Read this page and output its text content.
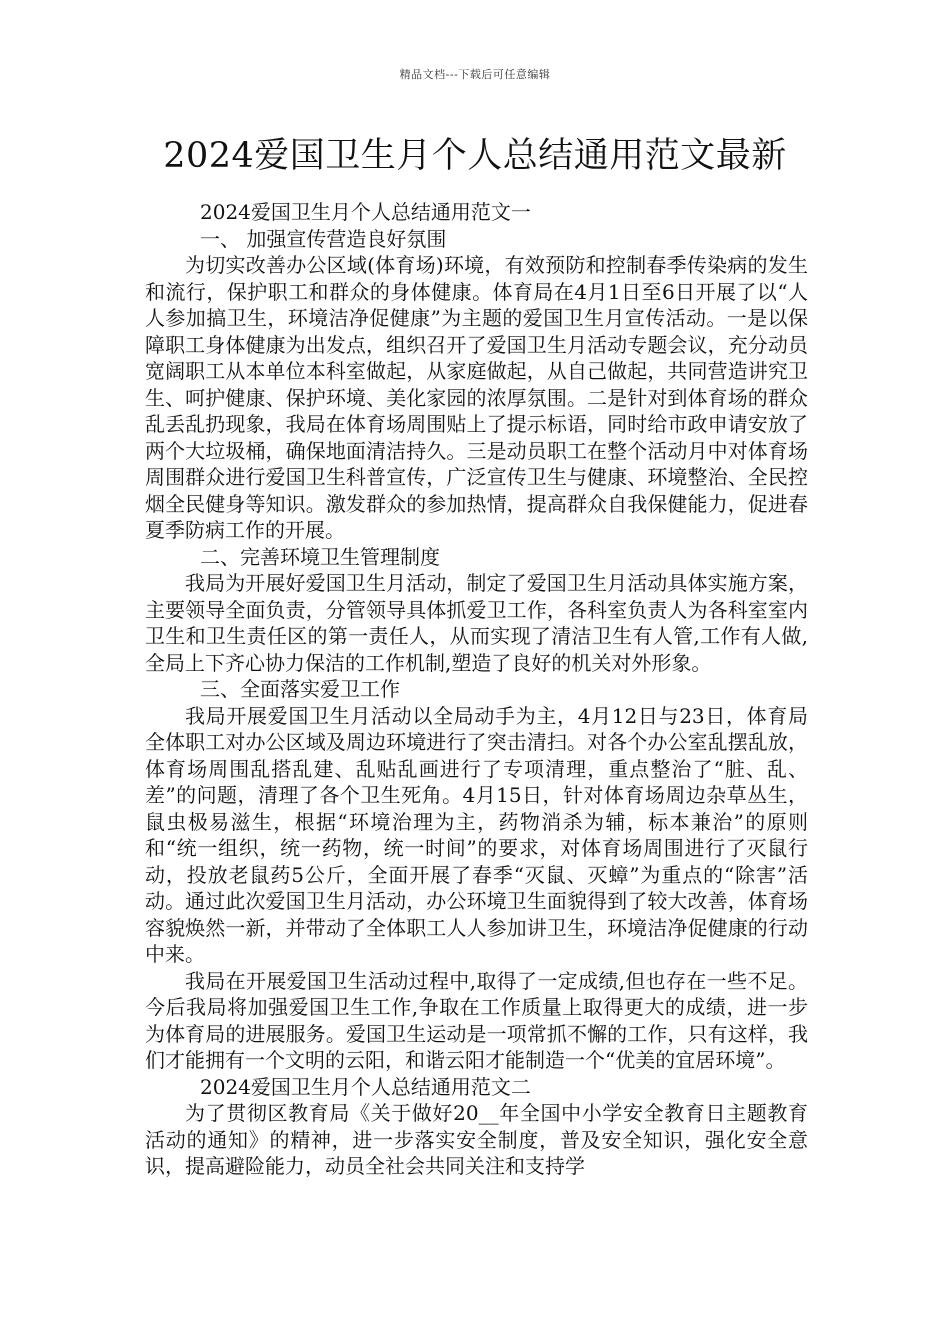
精品文档---下载后可任意编辑
2024爱国卫生月个人总结通用范文最新
2024爱国卫生月个人总结通用范文一
一、 加强宣传营造良好氛围

为切实改善办公区域(体育场)环境，有效预防和控制春季传染病的发生和流行，保护职工和群众的身体健康。体育局在4月1日至6日开展了以“人人参加搞卫生，环境洁净促健康”为主题的爱国卫生月宣传活动。一是以保障职工身体健康为出发点，组织召开了爱国卫生月活动专题会议，充分动员宽阔职工从本单位本科室做起，从家庭做起，从自己做起，共同营造讲究卫生、呵护健康、保护环境、美化家园的浓厚氛围。二是针对到体育场的群众乱丢乱扔现象，我局在体育场周围贴上了提示标语，同时给市政申请安放了两个大垃圾桶，确保地面清洁持久。三是动员职工在整个活动月中对体育场周围群众进行爱国卫生科普宣传，广泛宣传卫生与健康、环境整治、全民控烟全民健身等知识。激发群众的参加热情，提高群众自我保健能力，促进春夏季防病工作的开展。

二、完善环境卫生管理制度

我局为开展好爱国卫生月活动，制定了爱国卫生月活动具体实施方案，主要领导全面负责，分管领导具体抓爱卫工作，各科室负责人为各科室室内卫生和卫生责任区的第一责任人，从而实现了清洁卫生有人管,工作有人做,全局上下齐心协力保洁的工作机制,塑造了良好的机关对外形象。

三、全面落实爱卫工作

我局开展爱国卫生月活动以全局动手为主，4月12日与23日，体育局全体职工对办公区域及周边环境进行了突击清扫。对各个办公室乱摆乱放，体育场周围乱搭乱建、乱贴乱画进行了专项清理，重点整治了“脏、乱、差”的问题，清理了各个卫生死角。4月15日，针对体育场周边杂草丛生，鼠虫极易滋生，根据“环境治理为主，药物消杀为辅，标本兼治”的原则和“统一组织，统一药物，统一时间”的要求，对体育场周围进行了灭鼠行动，投放老鼠药5公斤，全面开展了春季“灭鼠、灭蟑”为重点的“除害”活动。通过此次爱国卫生月活动，办公环境卫生面貌得到了较大改善，体育场容貌焕然一新，并带动了全体职工人人参加讲卫生，环境洁净促健康的行动中来。

我局在开展爱国卫生活动过程中,取得了一定成绩,但也存在一些不足。今后我局将加强爱国卫生工作,争取在工作质量上取得更大的成绩，进一步为体育局的进展服务。爱国卫生运动是一项常抓不懈的工作，只有这样，我们才能拥有一个文明的云阳，和谐云阳才能制造一个“优美的宜居环境”。

2024爱国卫生月个人总结通用范文二

为了贯彻区教育局《关于做好20__年全国中小学安全教育日主题教育活动的通知》的精神，进一步落实安全制度，普及安全知识，强化安全意识，提高避险能力，动员全社会共同关注和支持学
